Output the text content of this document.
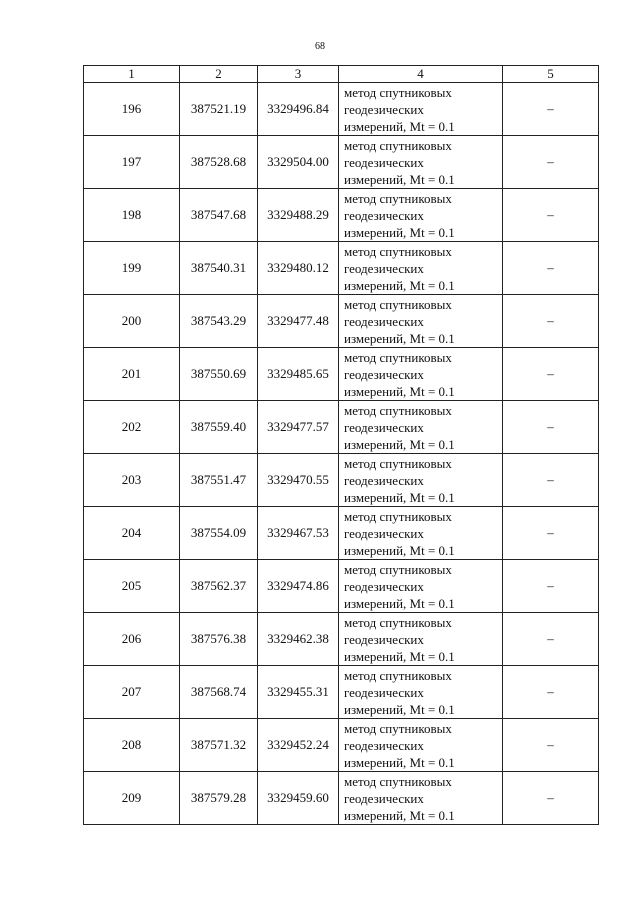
68
1	2	3	4	5
196	387521.19	3329496.84	метод спутниковых
геодезических
измерений, Mt = 0.1	–
197	387528.68	3329504.00	метод спутниковых
геодезических
измерений, Mt = 0.1	–
198	387547.68	3329488.29	метод спутниковых
геодезических
измерений, Mt = 0.1	–
199	387540.31	3329480.12	метод спутниковых
геодезических
измерений, Mt = 0.1	–
200	387543.29	3329477.48	метод спутниковых
геодезических
измерений, Mt = 0.1	–
201	387550.69	3329485.65	метод спутниковых
геодезических
измерений, Mt = 0.1	–
202	387559.40	3329477.57	метод спутниковых
геодезических
измерений, Mt = 0.1	–
203	387551.47	3329470.55	метод спутниковых
геодезических
измерений, Mt = 0.1	–
204	387554.09	3329467.53	метод спутниковых
геодезических
измерений, Mt = 0.1	–
205	387562.37	3329474.86	метод спутниковых
геодезических
измерений, Mt = 0.1	–
206	387576.38	3329462.38	метод спутниковых
геодезических
измерений, Mt = 0.1	–
207	387568.74	3329455.31	метод спутниковых
геодезических
измерений, Mt = 0.1	–
208	387571.32	3329452.24	метод спутниковых
геодезических
измерений, Mt = 0.1	–
209	387579.28	3329459.60	метод спутниковых
геодезических
измерений, Mt = 0.1	–
